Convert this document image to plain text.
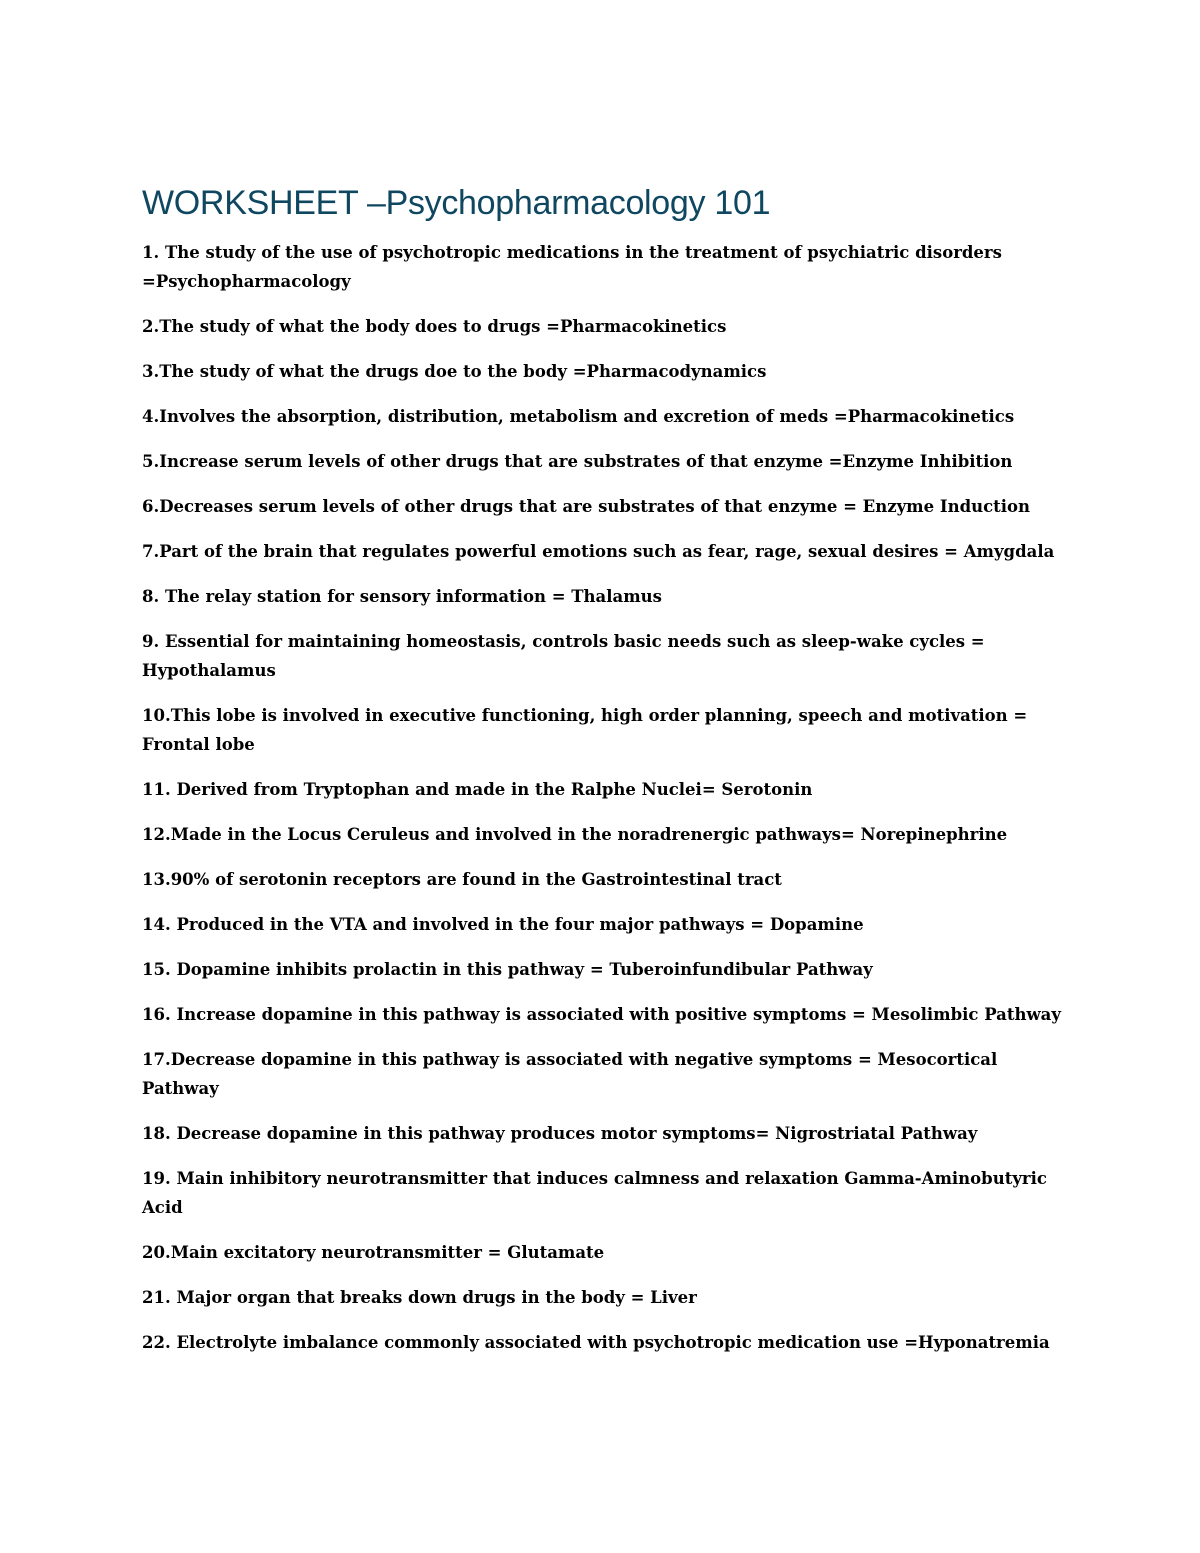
WORKSHEET –Psychopharmacology 101
1. The study of the use of psychotropic medications in the treatment of psychiatric disorders =Psychopharmacology
2.The study of what the body does to drugs =Pharmacokinetics
3.The study of what the drugs doe to the body =Pharmacodynamics
4.Involves the absorption, distribution, metabolism and excretion of meds =Pharmacokinetics
5.Increase serum levels of other drugs that are substrates of that enzyme =Enzyme Inhibition
6.Decreases serum levels of other drugs that are substrates of that enzyme = Enzyme Induction
7.Part of the brain that regulates powerful emotions such as fear, rage, sexual desires = Amygdala
8. The relay station for sensory information = Thalamus
9. Essential for maintaining homeostasis, controls basic needs such as sleep-wake cycles = Hypothalamus
10.This lobe is involved in executive functioning, high order planning, speech and motivation = Frontal lobe
11. Derived from Tryptophan and made in the Ralphe Nuclei= Serotonin
12.Made in the Locus Ceruleus and involved in the noradrenergic pathways= Norepinephrine
13.90% of serotonin receptors are found in the Gastrointestinal tract
14. Produced in the VTA and involved in the four major pathways = Dopamine
15. Dopamine inhibits prolactin in this pathway = Tuberoinfundibular Pathway
16. Increase dopamine in this pathway is associated with positive symptoms = Mesolimbic Pathway
17.Decrease dopamine in this pathway is associated with negative symptoms = Mesocortical Pathway
18. Decrease dopamine in this pathway produces motor symptoms= Nigrostriatal Pathway
19. Main inhibitory neurotransmitter that induces calmness and relaxation Gamma-Aminobutyric Acid
20.Main excitatory neurotransmitter = Glutamate
21. Major organ that breaks down drugs in the body = Liver
22. Electrolyte imbalance commonly associated with psychotropic medication use =Hyponatremia
